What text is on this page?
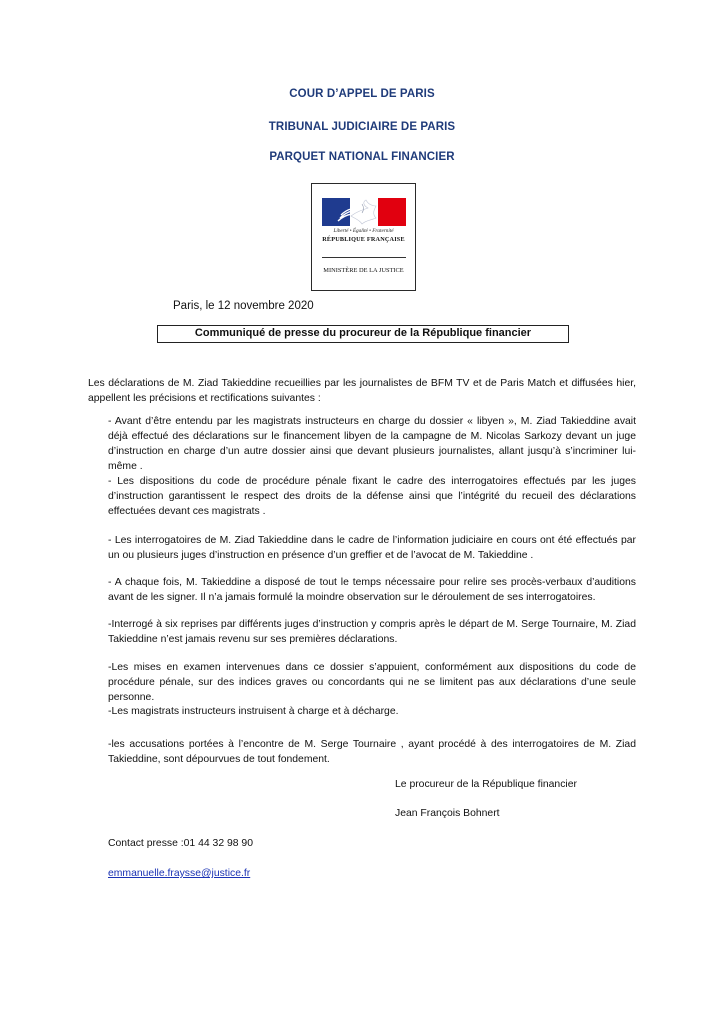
COUR D’APPEL DE PARIS
TRIBUNAL JUDICIAIRE DE PARIS
PARQUET NATIONAL FINANCIER
Liberté • Égalité • Fraternité
RÉPUBLIQUE FRANÇAISE
MINISTÈRE DE LA JUSTICE
Paris, le 12 novembre 2020
Communiqué de presse du procureur de la République financier
Les déclarations de M. Ziad Takieddine recueillies par les journalistes de BFM TV et de Paris Match et diffusées hier, appellent les précisions et rectifications suivantes :
- Avant d’être entendu par les magistrats instructeurs en charge du dossier « libyen », M. Ziad Takieddine avait déjà effectué des déclarations sur le financement libyen de la campagne de M. Nicolas Sarkozy devant un juge d’instruction en charge d’un autre dossier ainsi que devant plusieurs journalistes, allant jusqu’à s’incriminer lui-même .
- Les dispositions du code de procédure pénale fixant le cadre des interrogatoires effectués par les juges d’instruction garantissent le respect des droits de la défense ainsi que l’intégrité du recueil des déclarations effectuées devant ces magistrats .
- Les interrogatoires de M. Ziad Takieddine dans le cadre de l’information judiciaire en cours ont été effectués par un ou plusieurs juges d’instruction en présence d’un greffier et de l’avocat de M. Takieddine .
- A chaque fois, M. Takieddine a disposé de tout le temps nécessaire pour relire ses procès-verbaux d’auditions avant de les signer. Il n’a jamais formulé la moindre observation sur le déroulement de ses interrogatoires.
-Interrogé à six reprises par différents juges d’instruction y compris après le départ de M. Serge Tournaire, M. Ziad Takieddine n’est jamais revenu sur ses premières déclarations.
-Les mises en examen intervenues dans ce dossier s’appuient, conformément aux dispositions du code de procédure pénale, sur des indices graves ou concordants qui ne se limitent pas aux déclarations d’une seule personne.
-Les magistrats instructeurs instruisent à charge et à décharge.
-les accusations portées à l’encontre de M. Serge Tournaire , ayant procédé à des interrogatoires de M. Ziad Takieddine, sont dépourvues de tout fondement.
Le procureur de la République financier
Jean François Bohnert
Contact presse :01 44 32 98 90
emmanuelle.fraysse@justice.fr
